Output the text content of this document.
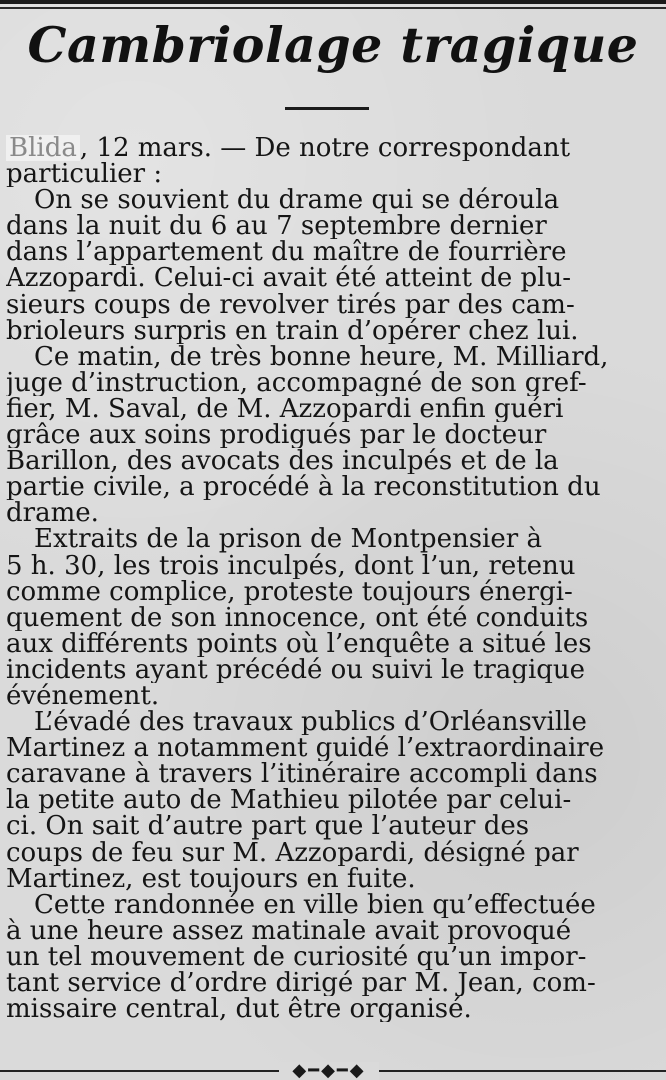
Cambriolage tragique
Blida , 12 mars. — De notre correspondant
particulier :
On se souvient du drame qui se déroula
dans la nuit du 6 au 7 septembre dernier
dans l’appartement du maître de fourrière
Azzopardi. Celui-ci avait été atteint de plu-
sieurs coups de revolver tirés par des cam-
brioleurs surpris en train d’opérer chez lui.
Ce matin, de très bonne heure, M. Milliard,
juge d’instruction, accompagné de son gref-
fier, M. Saval, de M. Azzopardi enfin guéri
grâce aux soins prodigués par le docteur
Barillon, des avocats des inculpés et de la
partie civile, a procédé à la reconstitution du
drame.
Extraits de la prison de Montpensier à
5 h. 30, les trois inculpés, dont l’un, retenu
comme complice, proteste toujours énergi-
quement de son innocence, ont été conduits
aux différents points où l’enquête a situé les
incidents ayant précédé ou suivi le tragique
événement.
L’évadé des travaux publics d’Orléansville
Martinez a notamment guidé l’extraordinaire
caravane à travers l’itinéraire accompli dans
la petite auto de Mathieu pilotée par celui-
ci. On sait d’autre part que l’auteur des
coups de feu sur M. Azzopardi, désigné par
Martinez, est toujours en fuite.
Cette randonnée en ville bien qu’effectuée
à une heure assez matinale avait provoqué
un tel mouvement de curiosité qu’un impor-
tant service d’ordre dirigé par M. Jean, com-
missaire central, dut être organisé.
◆━◆━◆
